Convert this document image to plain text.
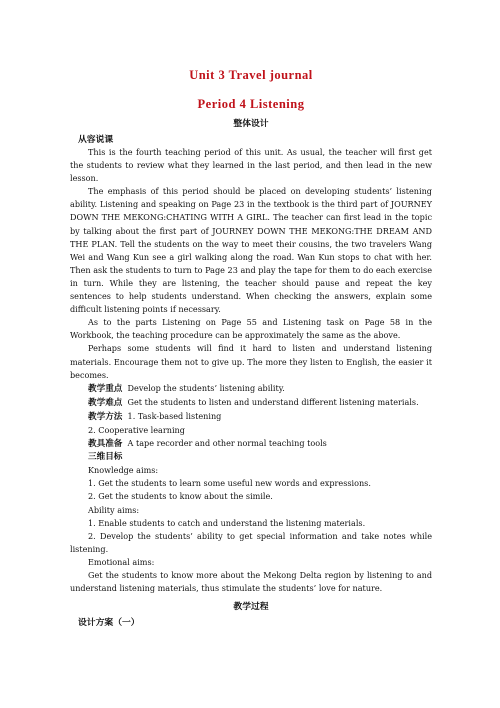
Unit 3 Travel journal
Period 4 Listening
整体设计
从容说课

This is the fourth teaching period of this unit. As usual, the teacher will first get the students to review what they learned in the last period, and then lead in the new lesson.

The emphasis of this period should be placed on developing students’ listening ability. Listening and speaking on Page 23 in the textbook is the third part of JOURNEY DOWN THE MEKONG:CHATING WITH A GIRL. The teacher can first lead in the topic by talking about the first part of JOURNEY DOWN THE MEKONG:THE DREAM AND THE PLAN. Tell the students on the way to meet their cousins, the two travelers Wang Wei and Wang Kun see a girl walking along the road. Wan Kun stops to chat with her. Then ask the students to turn to Page 23 and play the tape for them to do each exercise in turn. While they are listening, the teacher should pause and repeat the key sentences to help students understand. When checking the answers, explain some difficult listening points if necessary.

As to the parts Listening on Page 55 and Listening task on Page 58 in the Workbook, the teaching procedure can be approximately the same as the above.

Perhaps some students will find it hard to listen and understand listening materials. Encourage them not to give up. The more they listen to English, the easier it becomes.

教学重点 Develop the students’ listening ability.

教学难点 Get the students to listen and understand different listening materials.

教学方法 1. Task-based listening

2. Cooperative learning

教具准备 A tape recorder and other normal teaching tools

三维目标

Knowledge aims:

1. Get the students to learn some useful new words and expressions.

2. Get the students to know about the simile.

Ability aims:

1. Enable students to catch and understand the listening materials.

2. Develop the students’ ability to get special information and take notes while listening.

Emotional aims:

Get the students to know more about the Mekong Delta region by listening to and understand listening materials, thus stimulate the students’ love for nature.

教学过程
设计方案（一）
